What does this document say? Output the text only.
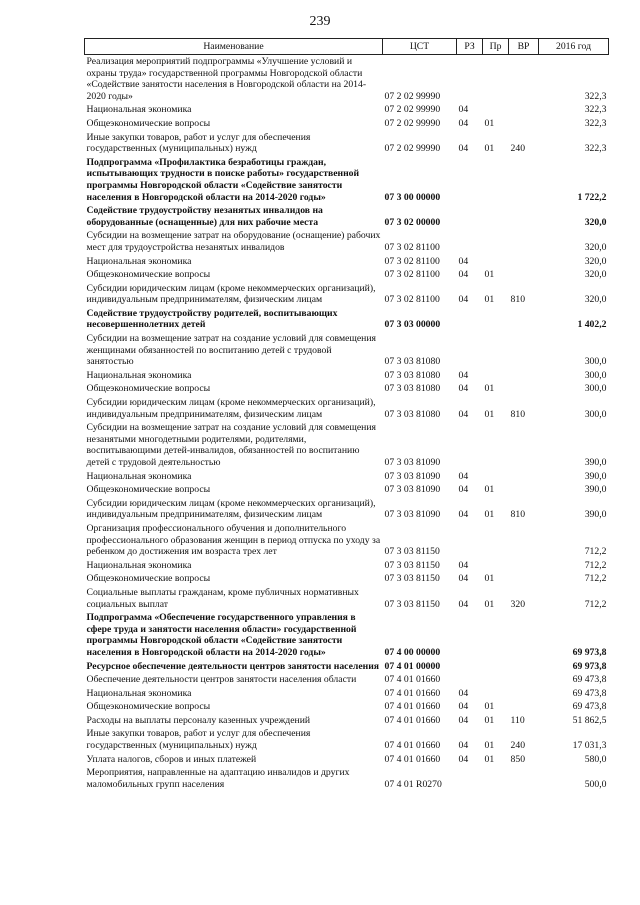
239
Наименование	ЦСТ	РЗ	Пр	ВР	2016 год
Реализация мероприятий подпрограммы «Улучшение условий и охраны труда» государственной программы Новгородской области «Содействие занятости населения в Новгородской области на 2014-2020 годы»	07 2 02 99990				322,3
Национальная экономика	07 2 02 99990	04			322,3
Общеэкономические вопросы	07 2 02 99990	04	01		322,3
Иные закупки товаров, работ и услуг для обеспечения государственных (муниципальных) нужд	07 2 02 99990	04	01	240	322,3
Подпрограмма «Профилактика безработицы граждан, испытывающих трудности в поиске работы» государственной программы Новгородской области «Содействие занятости населения в Новгородской области на 2014-2020 годы»	07 3 00 00000				1 722,2
Содействие трудоустройству незанятых инвалидов на оборудованные (оснащенные) для них рабочие места	07 3 02 00000				320,0
Субсидии на возмещение затрат на оборудование (оснащение) рабочих мест для трудоустройства незанятых инвалидов	07 3 02 81100				320,0
Национальная экономика	07 3 02 81100	04			320,0
Общеэкономические вопросы	07 3 02 81100	04	01		320,0
Субсидии юридическим лицам (кроме некоммерческих организаций), индивидуальным предпринимателям, физическим лицам	07 3 02 81100	04	01	810	320,0
Содействие трудоустройству родителей, воспитывающих несовершеннолетних детей	07 3 03 00000				1 402,2
Субсидии на возмещение затрат на создание условий для совмещения женщинами обязанностей по воспитанию детей с трудовой занятостью	07 3 03 81080				300,0
Национальная экономика	07 3 03 81080	04			300,0
Общеэкономические вопросы	07 3 03 81080	04	01		300,0
Субсидии юридическим лицам (кроме некоммерческих организаций), индивидуальным предпринимателям, физическим лицам	07 3 03 81080	04	01	810	300,0
Субсидии на возмещение затрат на создание условий для совмещения незанятыми многодетными родителями, родителями, воспитывающими детей-инвалидов, обязанностей по воспитанию детей с трудовой деятельностью	07 3 03 81090				390,0
Национальная экономика	07 3 03 81090	04			390,0
Общеэкономические вопросы	07 3 03 81090	04	01		390,0
Субсидии юридическим лицам (кроме некоммерческих организаций), индивидуальным предпринимателям, физическим лицам	07 3 03 81090	04	01	810	390,0
Организация профессионального обучения и дополнительного профессионального образования женщин в период отпуска по уходу за ребенком до достижения им возраста трех лет	07 3 03 81150				712,2
Национальная экономика	07 3 03 81150	04			712,2
Общеэкономические вопросы	07 3 03 81150	04	01		712,2
Социальные выплаты гражданам, кроме публичных нормативных социальных выплат	07 3 03 81150	04	01	320	712,2
Подпрограмма «Обеспечение государственного управления в сфере труда и занятости населения области» государственной программы Новгородской области «Содействие занятости населения в Новгородской области на 2014-2020 годы»	07 4 00 00000				69 973,8
Ресурсное обеспечение деятельности центров занятости населения	07 4 01 00000				69 973,8
Обеспечение деятельности центров занятости населения области	07 4 01 01660				69 473,8
Национальная экономика	07 4 01 01660	04			69 473,8
Общеэкономические вопросы	07 4 01 01660	04	01		69 473,8
Расходы на выплаты персоналу казенных учреждений	07 4 01 01660	04	01	110	51 862,5
Иные закупки товаров, работ и услуг для обеспечения государственных (муниципальных) нужд	07 4 01 01660	04	01	240	17 031,3
Уплата налогов, сборов и иных платежей	07 4 01 01660	04	01	850	580,0
Мероприятия, направленные на адаптацию инвалидов и других маломобильных групп населения	07 4 01 R0270				500,0
